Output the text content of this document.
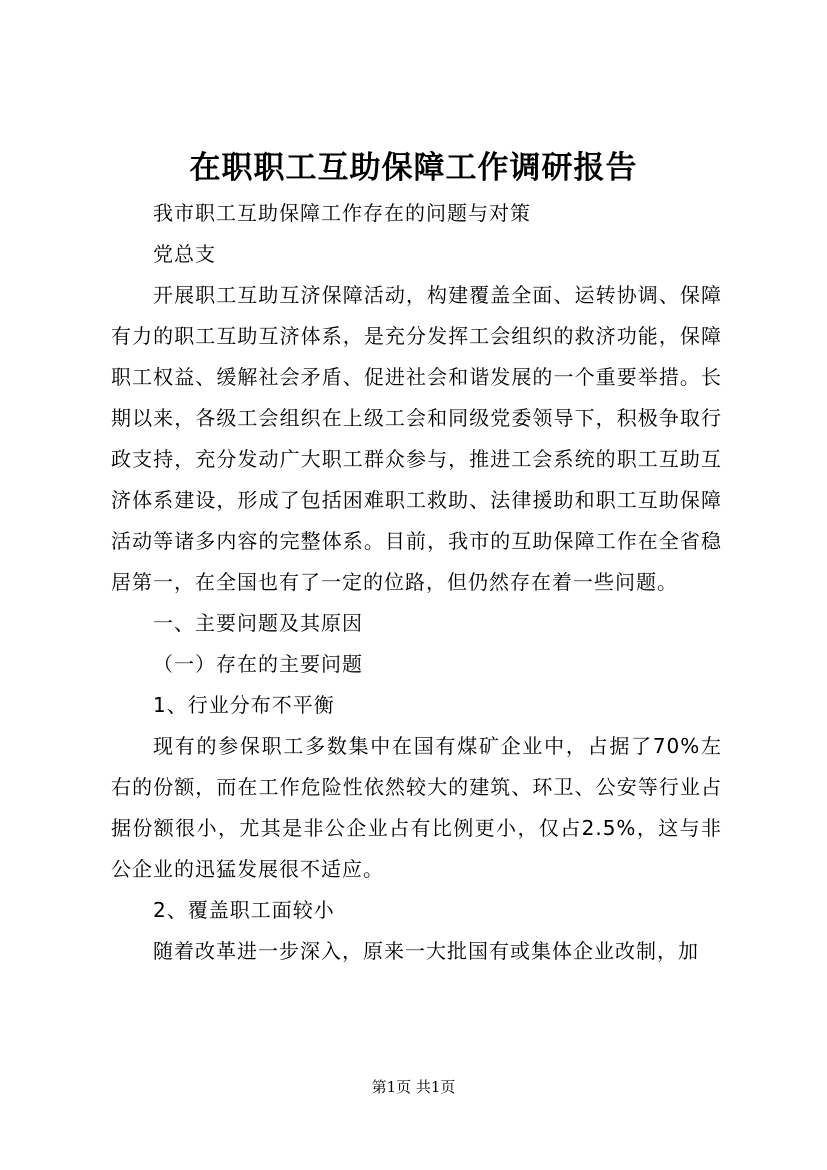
在职职工互助保障工作调研报告

我市职工互助保障工作存在的问题与对策

党总支

开展职工互助互济保障活动，构建覆盖全面、运转协调、保障有力的职工互助互济体系，是充分发挥工会组织的救济功能，保障职工权益、缓解社会矛盾、促进社会和谐发展的一个重要举措。长期以来，各级工会组织在上级工会和同级党委领导下，积极争取行政支持，充分发动广大职工群众参与，推进工会系统的职工互助互济体系建设，形成了包括困难职工救助、法律援助和职工互助保障活动等诸多内容的完整体系。目前，我市的互助保障工作在全省稳居第一，在全国也有了一定的位路，但仍然存在着一些问题。

一、主要问题及其原因

（一）存在的主要问题

1、行业分布不平衡

现有的参保职工多数集中在国有煤矿企业中，占据了70%左右的份额，而在工作危险性依然较大的建筑、环卫、公安等行业占据份额很小，尤其是非公企业占有比例更小，仅占2.5%，这与非公企业的迅猛发展很不适应。

2、覆盖职工面较小

随着改革进一步深入，原来一大批国有或集体企业改制，加

第1页 共1页
